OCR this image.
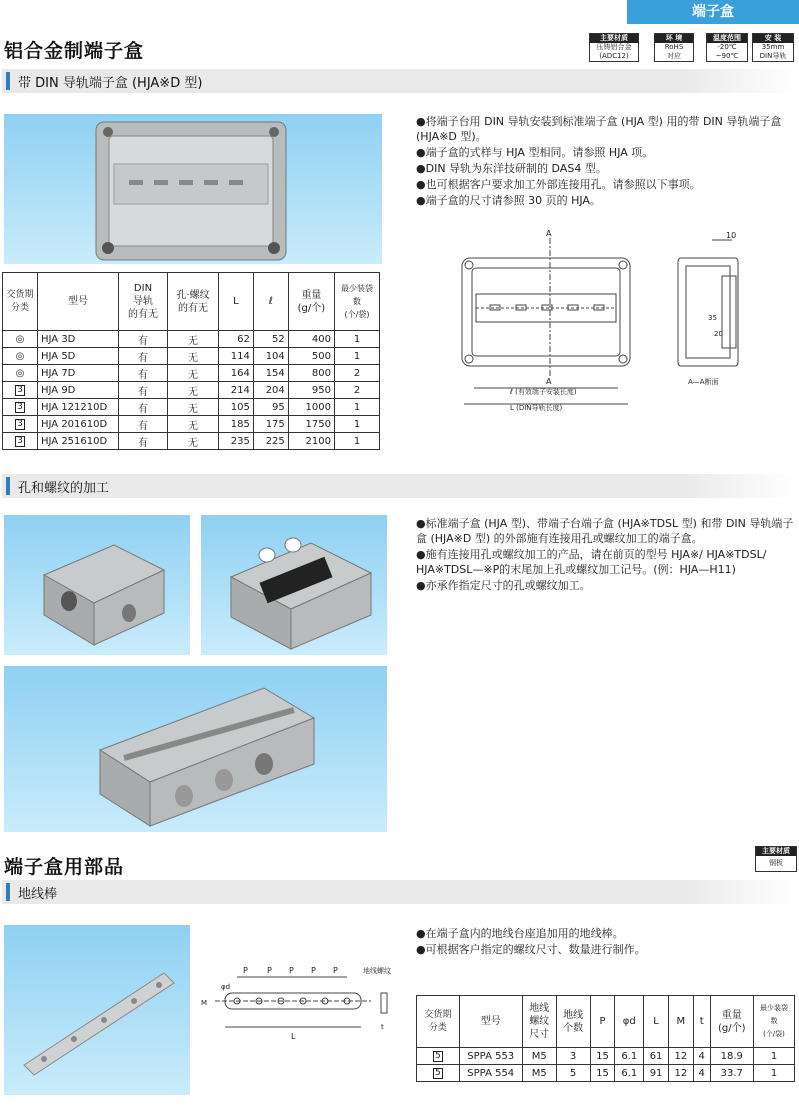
端子盒
铝合金制端子盒
主要材质
压铸铝合金
(ADC12)
环 境
RoHS
对应
温度范围
-20℃
~90℃
安 装
35mm
DIN导轨
带 DIN 导轨端子盒 (HJA※D 型)
●将端子台用 DIN 导轨安装到标准端子盒 (HJA 型) 用的带 DIN 导轨端子盒 (HJA※D 型)。
●端子盒的式样与 HJA 型相同。请参照 HJA 项。
●DIN 导轨为东洋技研制的 DAS4 型。
●也可根据客户要求加工外部连接用孔。请参照以下事项。
●端子盒的尺寸请参照 30 页的 HJA。
交货期
分类	型号	DIN
导轨
的有无	孔·螺纹
的有无	L	ℓ	重量
(g/个)	最少装袋数
(个/袋)
◎	HJA 3D	有	无	62	52	400	1
◎	HJA 5D	有	无	114	104	500	1
◎	HJA 7D	有	无	164	154	800	2
3	HJA 9D	有	无	214	204	950	2
3	HJA 121210D	有	无	105	95	1000	1
3	HJA 201610D	有	无	185	175	1750	1
3	HJA 251610D	有	无	235	225	2100	1
A	10
A
35
20
ℓ (有效端子安装长度)
L (DIN导轨长度)
A—A断面
孔和螺纹的加工
●标准端子盒 (HJA 型)、带端子台端子盒 (HJA※TDSL 型) 和带 DIN 导轨端子盒 (HJA※D 型) 的外部施有连接用孔或螺纹加工的端子盒。
●施有连接用孔或螺纹加工的产品，请在前页的型号 HJA※/ HJA※TDSL/ HJA※TDSL—※P的末尾加上孔或螺纹加工记号。(例：HJA—H11)
●亦承作指定尺寸的孔或螺纹加工。
端子盒用部品
主要材质
钢板
地线棒
P P P P P
φd
M
L
t
地线螺纹
●在端子盒内的地线台座追加用的地线棒。
●可根据客户指定的螺纹尺寸、数量进行制作。
交货期
分类	型号	地线
螺纹
尺寸	地线
个数	P	φd	L	M	t	重量
(g/个)	最少装袋数
(个/袋)
5	SPPA 553	M5	3	15	6.1	61	12	4	18.9	1
5	SPPA 554	M5	5	15	6.1	91	12	4	33.7	1
